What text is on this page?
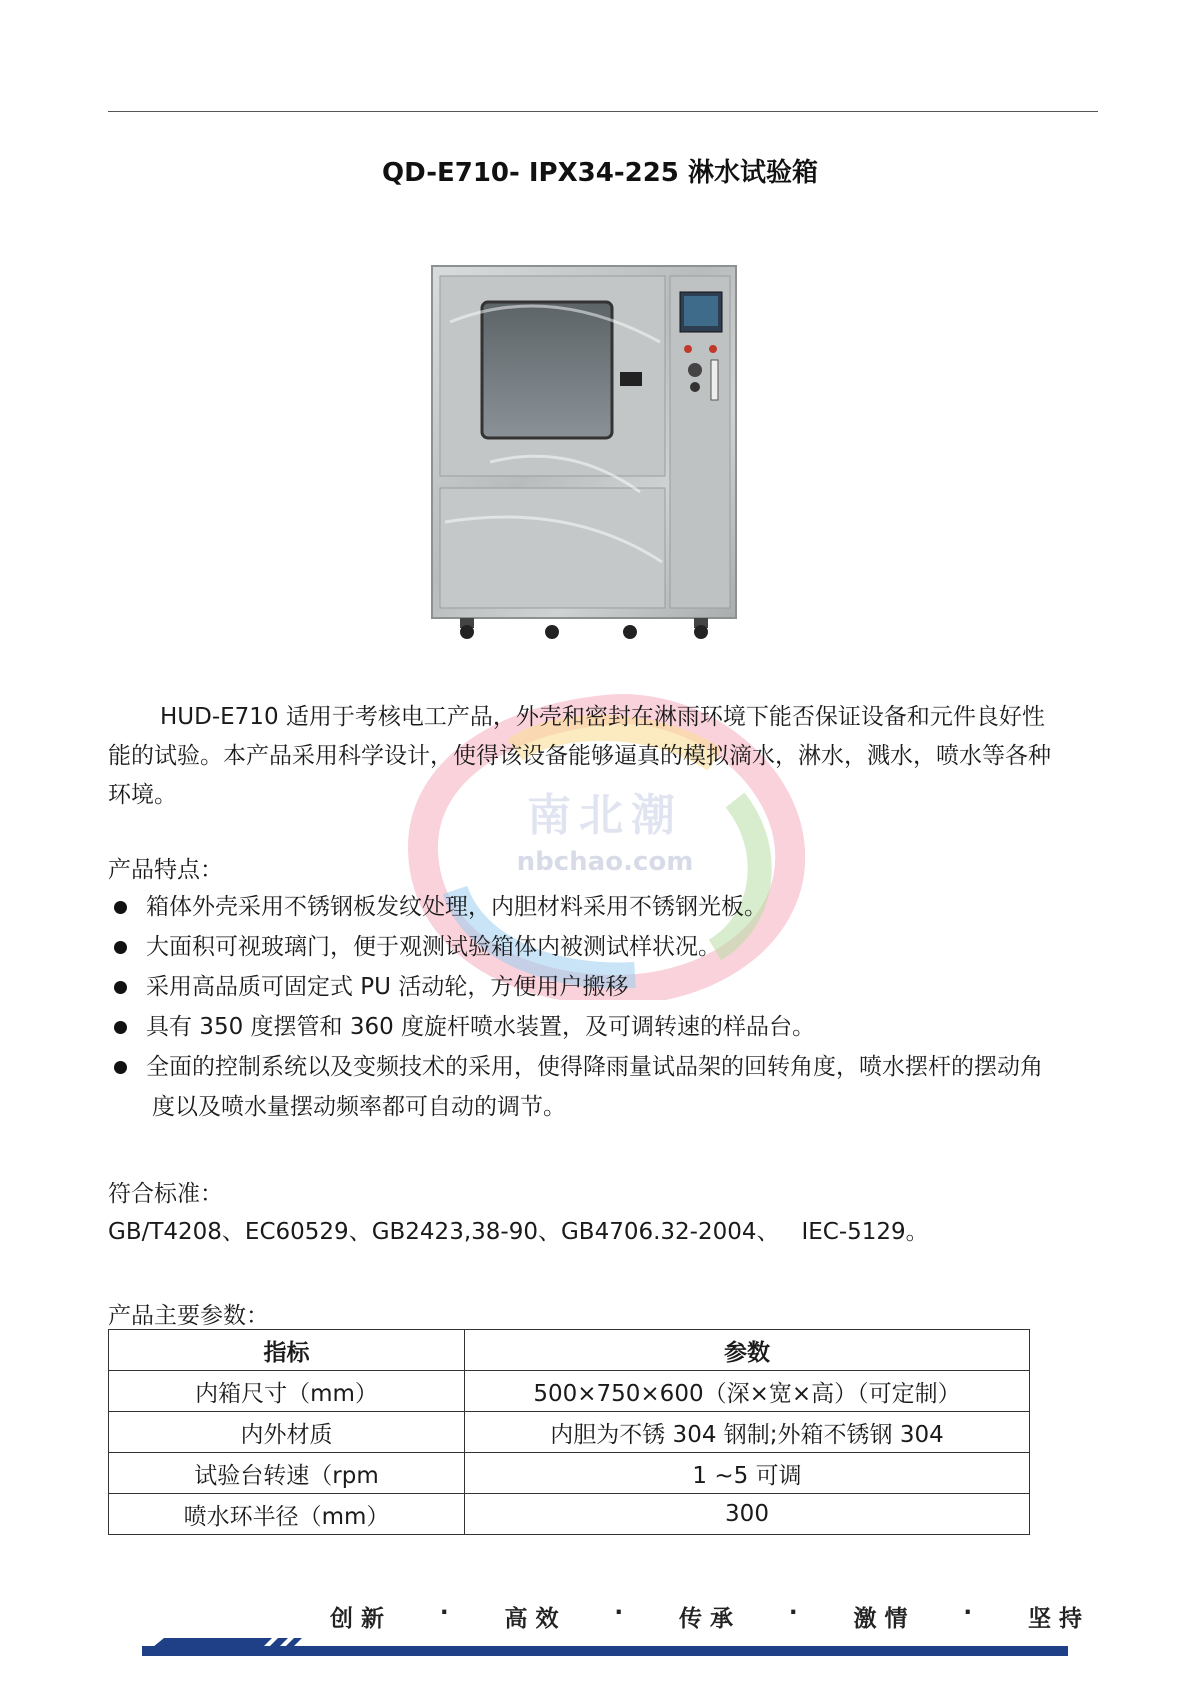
QD-E710- IPX34-225 淋水试验箱
南北潮
nbchao.com
HUD-E710 适用于考核电工产品，外壳和密封在淋雨环境下能否保证设备和元件良好性
能的试验。本产品采用科学设计，使得该设备能够逼真的模拟滴水，淋水，溅水，喷水等各种
环境。
产品特点：
箱体外壳采用不锈钢板发纹处理，内胆材料采用不锈钢光板。
大面积可视玻璃门，便于观测试验箱体内被测试样状况。
采用高品质可固定式 PU 活动轮，方便用户搬移
具有 350 度摆管和 360 度旋杆喷水装置，及可调转速的样品台。
全面的控制系统以及变频技术的采用，使得降雨量试品架的回转角度，喷水摆杆的摆动角
度以及喷水量摆动频率都可自动的调节。
符合标准：
GB/T4208、EC60529、GB2423,38-90、GB4706.32-2004、   IEC-5129。
产品主要参数：
指标	参数
内箱尺寸（mm）	500×750×600（深×宽×高）（可定制）
内外材质	内胆为不锈 304 钢制;外箱不锈钢 304
试验台转速（rpm	1 ~5 可调
喷水环半径（mm）	300
创新 · 高效 · 传承 · 激情 · 坚持
